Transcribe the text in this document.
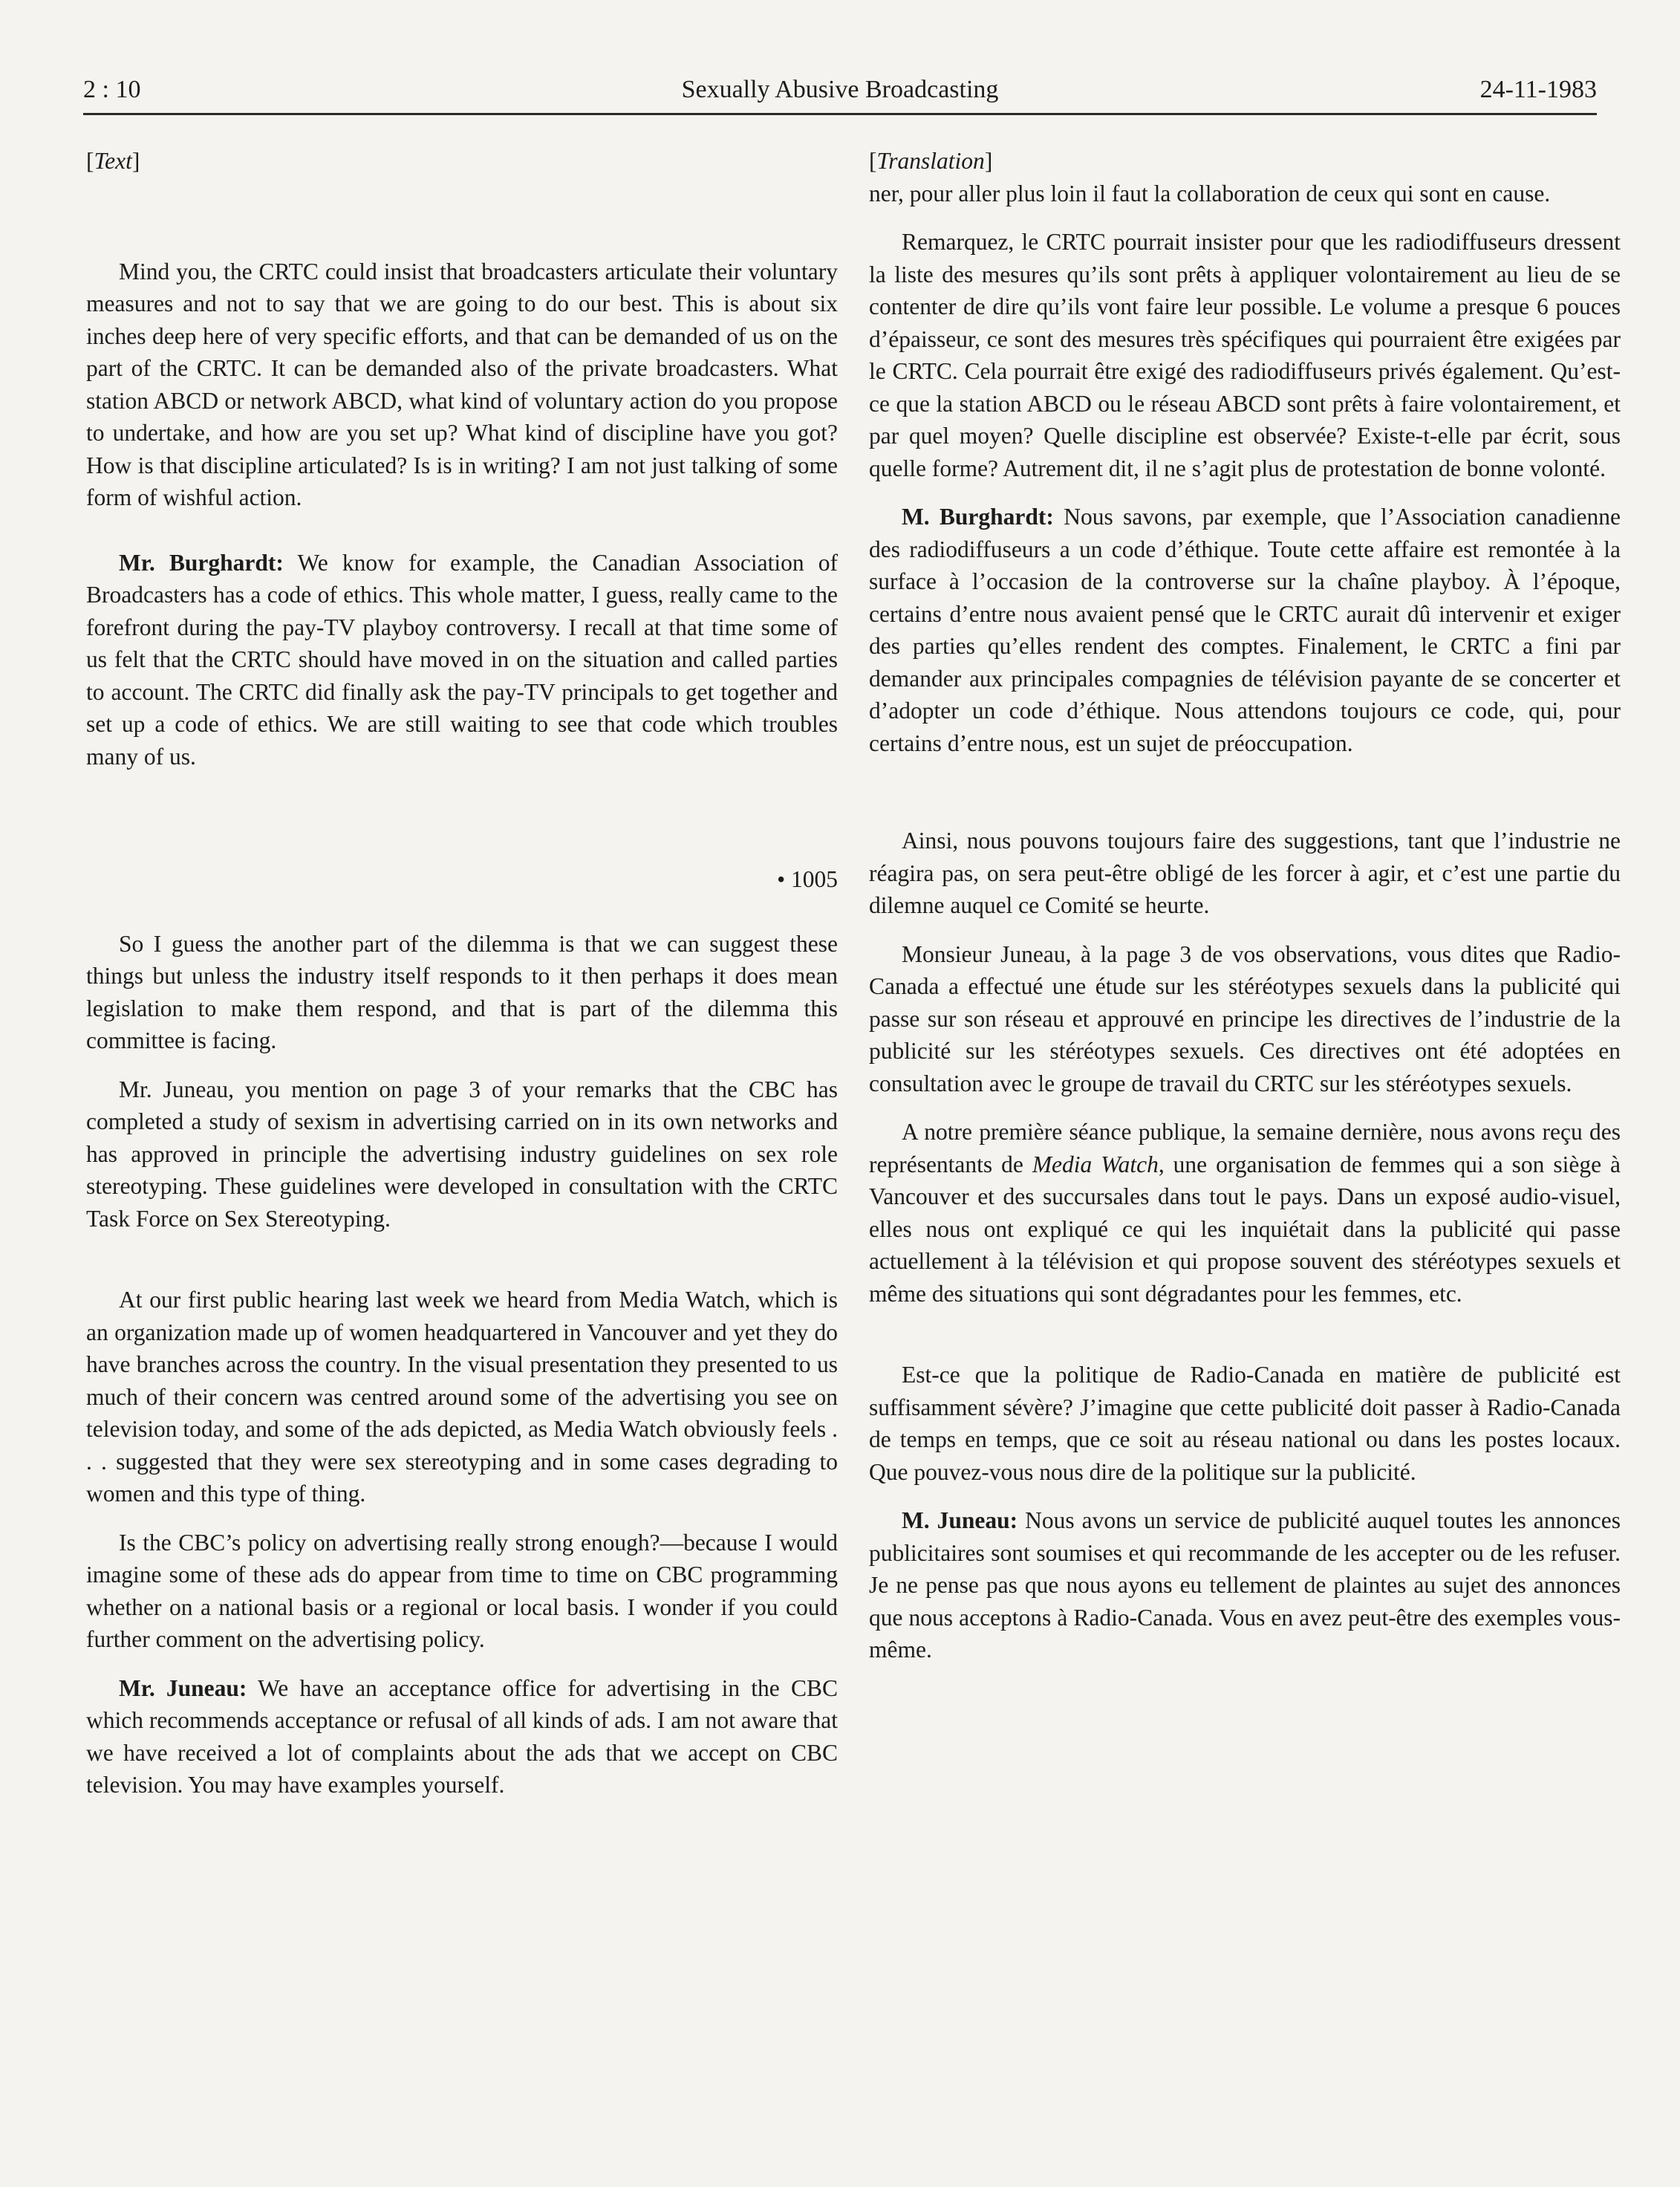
2 : 10	Sexually Abusive Broadcasting	24-11-1983

[Text]

Mind you, the CRTC could insist that broadcasters articulate their voluntary measures and not to say that we are going to do our best. This is about six inches deep here of very specific efforts, and that can be demanded of us on the part of the CRTC. It can be demanded also of the private broadcasters. What station ABCD or network ABCD, what kind of voluntary action do you propose to undertake, and how are you set up? What kind of discipline have you got? How is that discipline articulated? Is is in writing? I am not just talking of some form of wishful action.

Mr. Burghardt: We know for example, the Canadian Association of Broadcasters has a code of ethics. This whole matter, I guess, really came to the forefront during the pay-TV playboy controversy. I recall at that time some of us felt that the CRTC should have moved in on the situation and called parties to account. The CRTC did finally ask the pay-TV principals to get together and set up a code of ethics. We are still waiting to see that code which troubles many of us.

• 1005

So I guess the another part of the dilemma is that we can suggest these things but unless the industry itself responds to it then perhaps it does mean legislation to make them respond, and that is part of the dilemma this committee is facing.

Mr. Juneau, you mention on page 3 of your remarks that the CBC has completed a study of sexism in advertising carried on in its own networks and has approved in principle the advertising industry guidelines on sex role stereotyping. These guidelines were developed in consultation with the CRTC Task Force on Sex Stereotyping.

At our first public hearing last week we heard from Media Watch, which is an organization made up of women headquartered in Vancouver and yet they do have branches across the country. In the visual presentation they presented to us much of their concern was centred around some of the advertising you see on television today, and some of the ads depicted, as Media Watch obviously feels . . . suggested that they were sex stereotyping and in some cases degrading to women and this type of thing.

Is the CBC’s policy on advertising really strong enough?—because I would imagine some of these ads do appear from time to time on CBC programming whether on a national basis or a regional or local basis. I wonder if you could further comment on the advertising policy.

Mr. Juneau: We have an acceptance office for advertising in the CBC which recommends acceptance or refusal of all kinds of ads. I am not aware that we have received a lot of complaints about the ads that we accept on CBC television. You may have examples yourself.

[Translation]

ner, pour aller plus loin il faut la collaboration de ceux qui sont en cause.

Remarquez, le CRTC pourrait insister pour que les radiodiffuseurs dressent la liste des mesures qu’ils sont prêts à appliquer volontairement au lieu de se contenter de dire qu’ils vont faire leur possible. Le volume a presque 6 pouces d’épaisseur, ce sont des mesures très spécifiques qui pourraient être exigées par le CRTC. Cela pourrait être exigé des radiodiffuseurs privés également. Qu’est-ce que la station ABCD ou le réseau ABCD sont prêts à faire volontairement, et par quel moyen? Quelle discipline est observée? Existe-t-elle par écrit, sous quelle forme? Autrement dit, il ne s’agit plus de protestation de bonne volonté.

M. Burghardt: Nous savons, par exemple, que l’Association canadienne des radiodiffuseurs a un code d’éthique. Toute cette affaire est remontée à la surface à l’occasion de la controverse sur la chaîne playboy. À l’époque, certains d’entre nous avaient pensé que le CRTC aurait dû intervenir et exiger des parties qu’elles rendent des comptes. Finalement, le CRTC a fini par demander aux principales compagnies de télévision payante de se concerter et d’adopter un code d’éthique. Nous attendons toujours ce code, qui, pour certains d’entre nous, est un sujet de préoccupation.

Ainsi, nous pouvons toujours faire des suggestions, tant que l’industrie ne réagira pas, on sera peut-être obligé de les forcer à agir, et c’est une partie du dilemne auquel ce Comité se heurte.

Monsieur Juneau, à la page 3 de vos observations, vous dites que Radio-Canada a effectué une étude sur les stéréotypes sexuels dans la publicité qui passe sur son réseau et approuvé en principe les directives de l’industrie de la publicité sur les stéréotypes sexuels. Ces directives ont été adoptées en consultation avec le groupe de travail du CRTC sur les stéréotypes sexuels.

A notre première séance publique, la semaine dernière, nous avons reçu des représentants de Media Watch, une organisation de femmes qui a son siège à Vancouver et des succursales dans tout le pays. Dans un exposé audio-visuel, elles nous ont expliqué ce qui les inquiétait dans la publicité qui passe actuellement à la télévision et qui propose souvent des stéréotypes sexuels et même des situations qui sont dégradantes pour les femmes, etc.

Est-ce que la politique de Radio-Canada en matière de publicité est suffisamment sévère? J’imagine que cette publicité doit passer à Radio-Canada de temps en temps, que ce soit au réseau national ou dans les postes locaux. Que pouvez-vous nous dire de la politique sur la publicité.

M. Juneau: Nous avons un service de publicité auquel toutes les annonces publicitaires sont soumises et qui recommande de les accepter ou de les refuser. Je ne pense pas que nous ayons eu tellement de plaintes au sujet des annonces que nous acceptons à Radio-Canada. Vous en avez peut-être des exemples vous-même.
